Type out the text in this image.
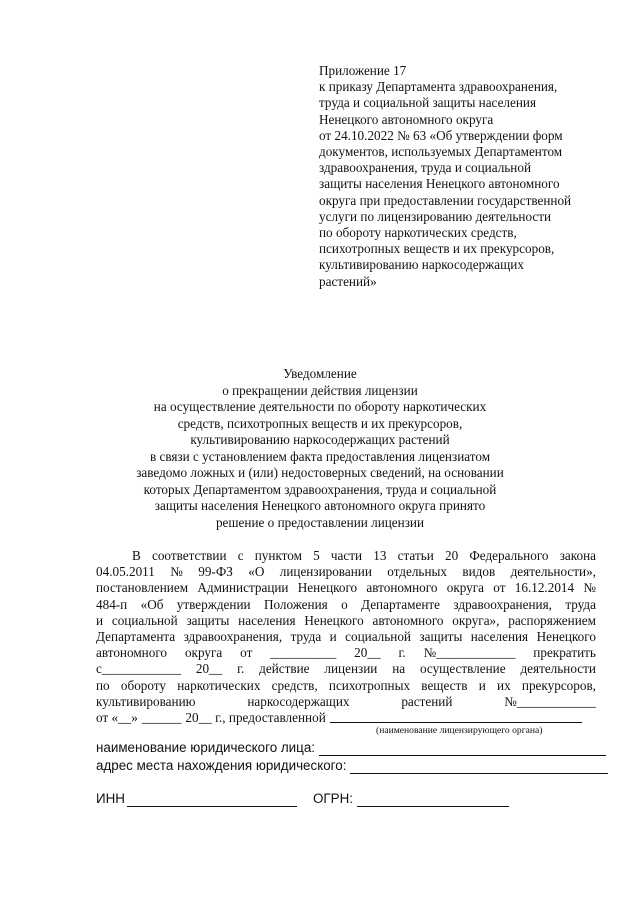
Приложение 17
к приказу Департамента здравоохранения,
труда и социальной защиты населения
Ненецкого автономного округа
от 24.10.2022 № 63 «Об утверждении форм
документов, используемых Департаментом
здравоохранения, труда и социальной
защиты населения Ненецкого автономного
округа при предоставлении государственной
услуги по лицензированию деятельности
по обороту наркотических средств,
психотропных веществ и их прекурсоров,
культивированию наркосодержащих
растений»
Уведомление
о прекращении действия лицензии
на осуществление деятельности по обороту наркотических
средств, психотропных веществ и их прекурсоров,
культивированию наркосодержащих растений
в связи с установлением факта предоставления лицензиатом
заведомо ложных и (или) недостоверных сведений, на основании
которых Департаментом здравоохранения, труда и социальной
защиты населения Ненецкого автономного округа принято
решение о предоставлении лицензии
В соответствии с пунктом 5 части 13 статьи 20 Федерального закона
04.05.2011 № 99-ФЗ «О лицензировании отдельных видов деятельности»,
постановлением Администрации Ненецкого автономного округа от 16.12.2014 №
484-п «Об утверждении Положения о Департаменте здравоохранения, труда
и социальной защиты населения Ненецкого автономного округа», распоряжением
Департамента здравоохранения, труда и социальной защиты населения Ненецкого
автономного округа от __________ 20__ г. №____________ прекратить
с____________ 20__ г. действие лицензии на осуществление деятельности
по обороту наркотических средств, психотропных веществ и их прекурсоров,
культивированию	наркосодержащих	растений	№____________
от «__» ______ 20__ г., предоставленной
(наименование лицензирующего органа)
наименование юридического лица:
адрес места нахождения юридического:
ИНН	ОГРН:
